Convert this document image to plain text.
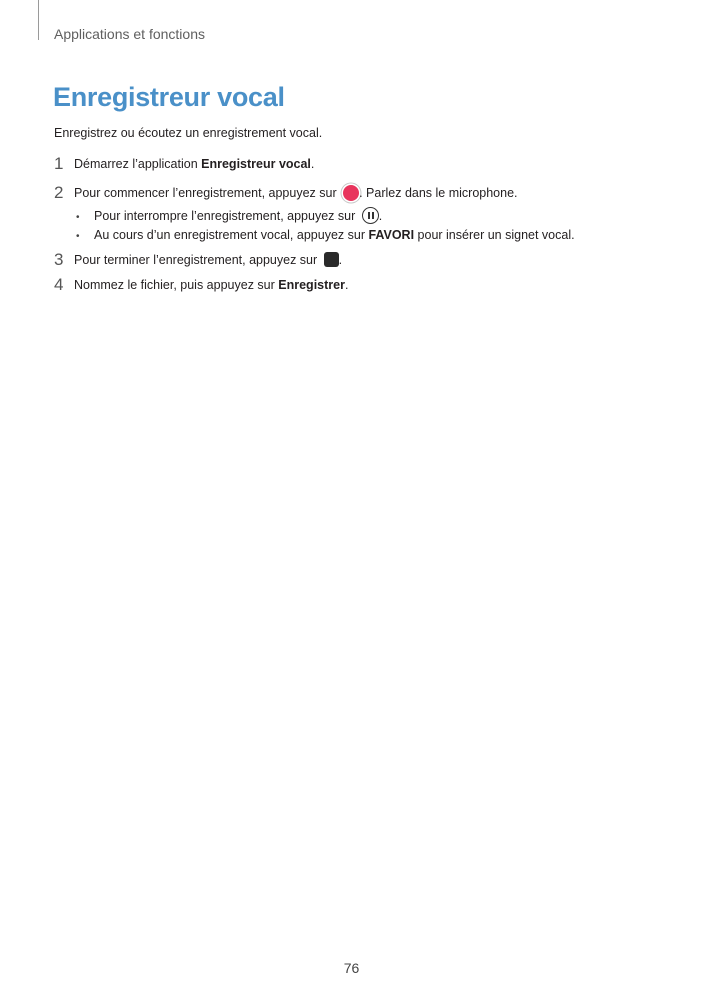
Applications et fonctions
Enregistreur vocal
Enregistrez ou écoutez un enregistrement vocal.
1 Démarrez l’application Enregistreur vocal.
2 Pour commencer l’enregistrement, appuyez sur . Parlez dans le microphone.
• Pour interrompre l’enregistrement, appuyez sur .
• Au cours d’un enregistrement vocal, appuyez sur FAVORI pour insérer un signet vocal.
3 Pour terminer l’enregistrement, appuyez sur .
4 Nommez le fichier, puis appuyez sur Enregistrer.
76
